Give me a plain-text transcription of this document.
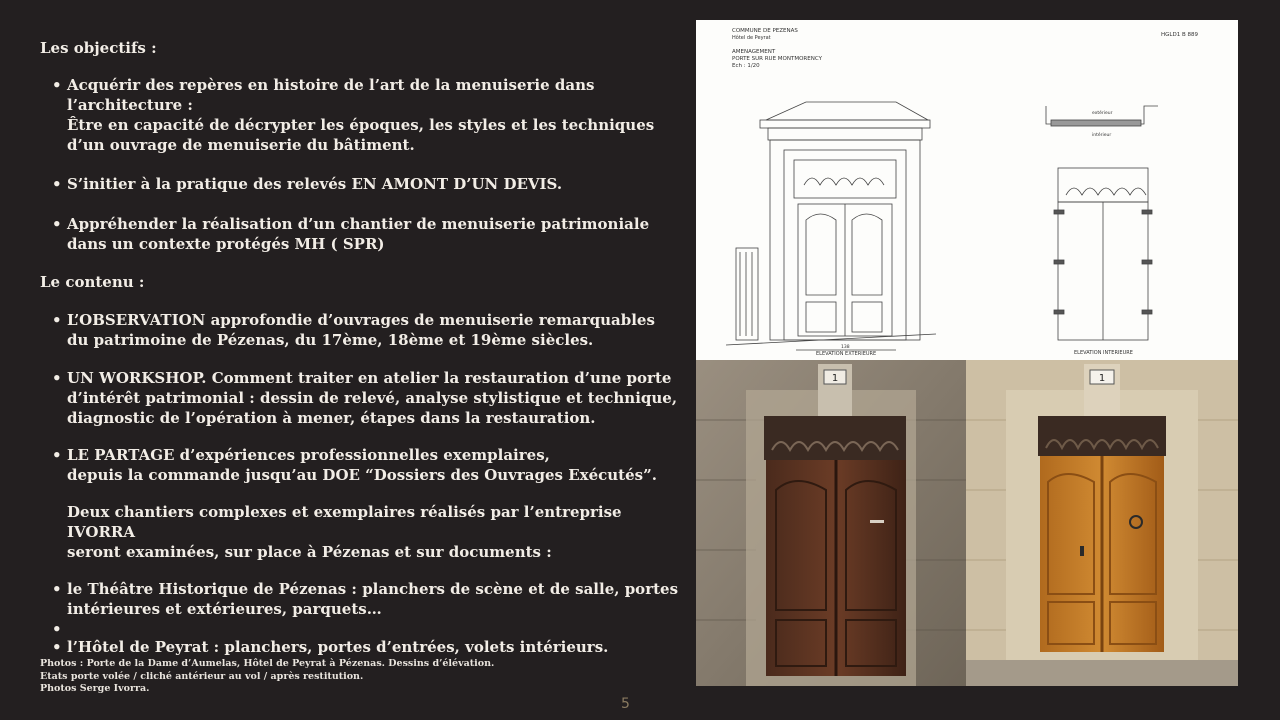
Les objectifs :

• Acquérir des repères en histoire de l’art de la menuiserie dans l’architecture :
Être en capacité de décrypter les époques, les styles et les techniques
d’un ouvrage de menuiserie du bâtiment.
• S’initier à la pratique des relevés EN AMONT D’UN DEVIS.
• Appréhender la réalisation d’un chantier de menuiserie patrimoniale
dans un contexte protégés MH ( SPR)

Le contenu :

• L’OBSERVATION approfondie d’ouvrages de menuiserie remarquables
du patrimoine de Pézenas, du 17ème, 18ème et 19ème siècles.
• UN WORKSHOP. Comment traiter en atelier la restauration d’une porte
d’intérêt patrimonial : dessin de relevé, analyse stylistique et technique,
diagnostic de l’opération à mener, étapes dans la restauration.
• LE PARTAGE d’expériences professionnelles exemplaires,
depuis la commande jusqu’au DOE “Dossiers des Ouvrages Exécutés”.
Deux chantiers complexes et exemplaires réalisés par l’entreprise IVORRA
seront examinées, sur place à Pézenas et sur documents :
• le Théâtre Historique de Pézenas : planchers de scène et de salle, portes
intérieures et extérieures, parquets…
•
• l’Hôtel de Peyrat : planchers, portes d’entrées, volets intérieurs.
Photos : Porte de la Dame d’Aumelas, Hôtel de Peyrat à Pézenas. Dessins d’élévation.
Etats porte volée / cliché antérieur au vol / après restitution.
Photos Serge Ivorra.
5
COMMUNE DE PEZENAS
Hôtel de Peyrat	HGLD1 B 889
AMENAGEMENT
PORTE SUR RUE MONTMORENCY
Ech : 1/20
ELEVATION EXTERIEURE
138
extérieur
intérieur
ELEVATION INTERIEURE
1	1
